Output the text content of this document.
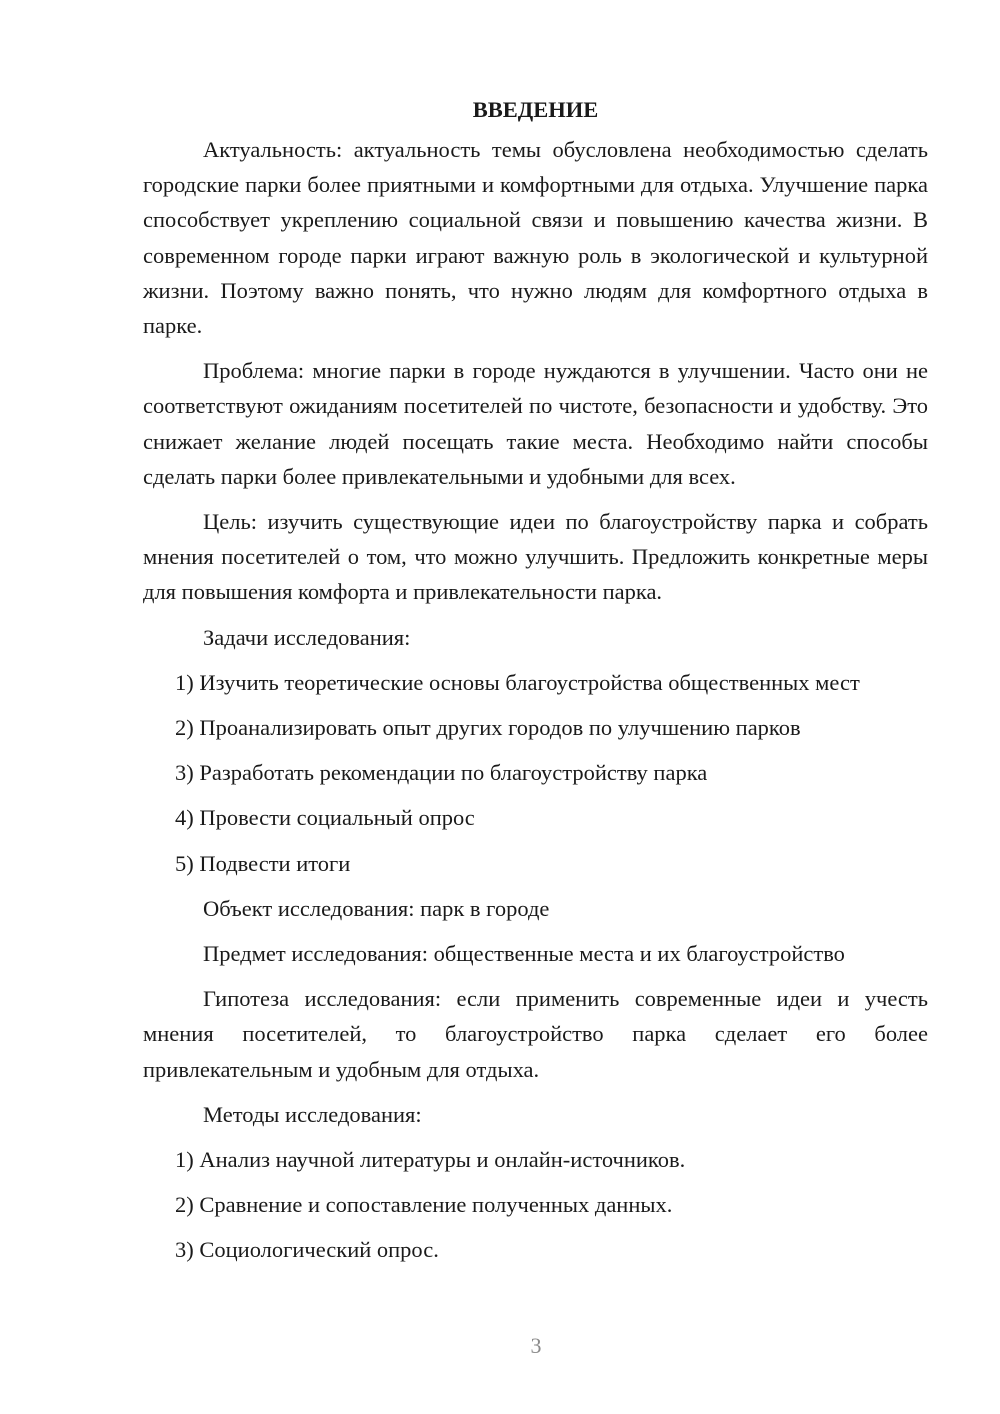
ВВЕДЕНИЕ

Актуальность: актуальность темы обусловлена необходимостью сделать городские парки более приятными и комфортными для отдыха. Улучшение парка способствует укреплению социальной связи и повышению качества жизни. В современном городе парки играют важную роль в экологической и культурной жизни. Поэтому важно понять, что нужно людям для комфортного отдыха в парке.

Проблема: многие парки в городе нуждаются в улучшении. Часто они не соответствуют ожиданиям посетителей по чистоте, безопасности и удобству. Это снижает желание людей посещать такие места. Необходимо найти способы сделать парки более привлекательными и удобными для всех.

Цель: изучить существующие идеи по благоустройству парка и собрать мнения посетителей о том, что можно улучшить. Предложить конкретные меры для повышения комфорта и привлекательности парка.

Задачи исследования:
1) Изучить теоретические основы благоустройства общественных мест
2) Проанализировать опыт других городов по улучшению парков
3) Разработать рекомендации по благоустройству парка
4) Провести социальный опрос
5) Подвести итоги
Объект исследования: парк в городе
Предмет исследования: общественные места и их благоустройство

Гипотеза исследования: если применить современные идеи и учесть мнения посетителей, то благоустройство парка сделает его более привлекательным и удобным для отдыха.

Методы исследования:
1) Анализ научной литературы и онлайн-источников.
2) Сравнение и сопоставление полученных данных.
3) Социологический опрос.
3
